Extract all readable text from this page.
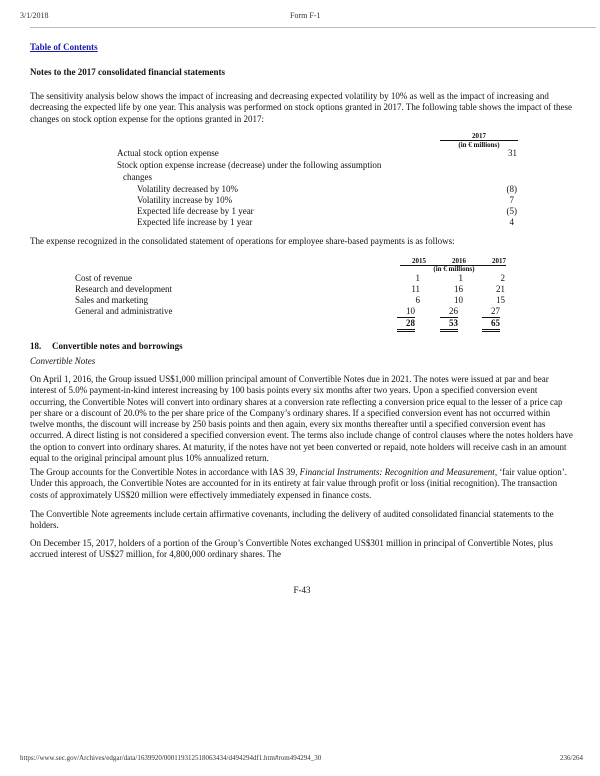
3/1/2018	Form F-1
Table of Contents
Notes to the 2017 consolidated financial statements
The sensitivity analysis below shows the impact of increasing and decreasing expected volatility by 10% as well as the impact of increasing and decreasing the expected life by one year. This analysis was performed on stock options granted in 2017. The following table shows the impact of these changes on stock option expense for the options granted in 2017:
2017
(in € millions)
Actual stock option expense	31
Stock option expense increase (decrease) under the following assumption
changes
Volatility decreased by 10%	(8)
Volatility increase by 10%	7
Expected life decrease by 1 year	(5)
Expected life increase by 1 year	4
The expense recognized in the consolidated statement of operations for employee share-based payments is as follows:
2015	2016	2017
(in € millions)
Cost of revenue	1	1	2
Research and development	11	16	21
Sales and marketing	6	10	15
General and administrative	10	26	27
28	53	65
18. Convertible notes and borrowings
Convertible Notes
On April 1, 2016, the Group issued US$1,000 million principal amount of Convertible Notes due in 2021. The notes were issued at par and bear interest of 5.0% payment-in-kind interest increasing by 100 basis points every six months after two years. Upon a specified conversion event occurring, the Convertible Notes will convert into ordinary shares at a conversion rate reflecting a conversion price equal to the lesser of a price cap per share or a discount of 20.0% to the per share price of the Company’s ordinary shares. If a specified conversion event has not occurred within twelve months, the discount will increase by 250 basis points and then again, every six months thereafter until a specified conversion event has occurred. A direct listing is not considered a specified conversion event. The terms also include change of control clauses where the notes holders have the option to convert into ordinary shares. At maturity, if the notes have not yet been converted or repaid, note holders will receive cash in an amount equal to the original principal amount plus 10% annualized return.
The Group accounts for the Convertible Notes in accordance with IAS 39, Financial Instruments: Recognition and Measurement, ‘fair value option’. Under this approach, the Convertible Notes are accounted for in its entirety at fair value through profit or loss (initial recognition). The transaction costs of approximately US$20 million were effectively immediately expensed in finance costs.
The Convertible Note agreements include certain affirmative covenants, including the delivery of audited consolidated financial statements to the holders.
On December 15, 2017, holders of a portion of the Group’s Convertible Notes exchanged US$301 million in principal of Convertible Notes, plus accrued interest of US$27 million, for 4,800,000 ordinary shares. The
F-43
https://www.sec.gov/Archives/edgar/data/1639920/000119312518063434/d494294df1.htm#rom494294_30	236/264
